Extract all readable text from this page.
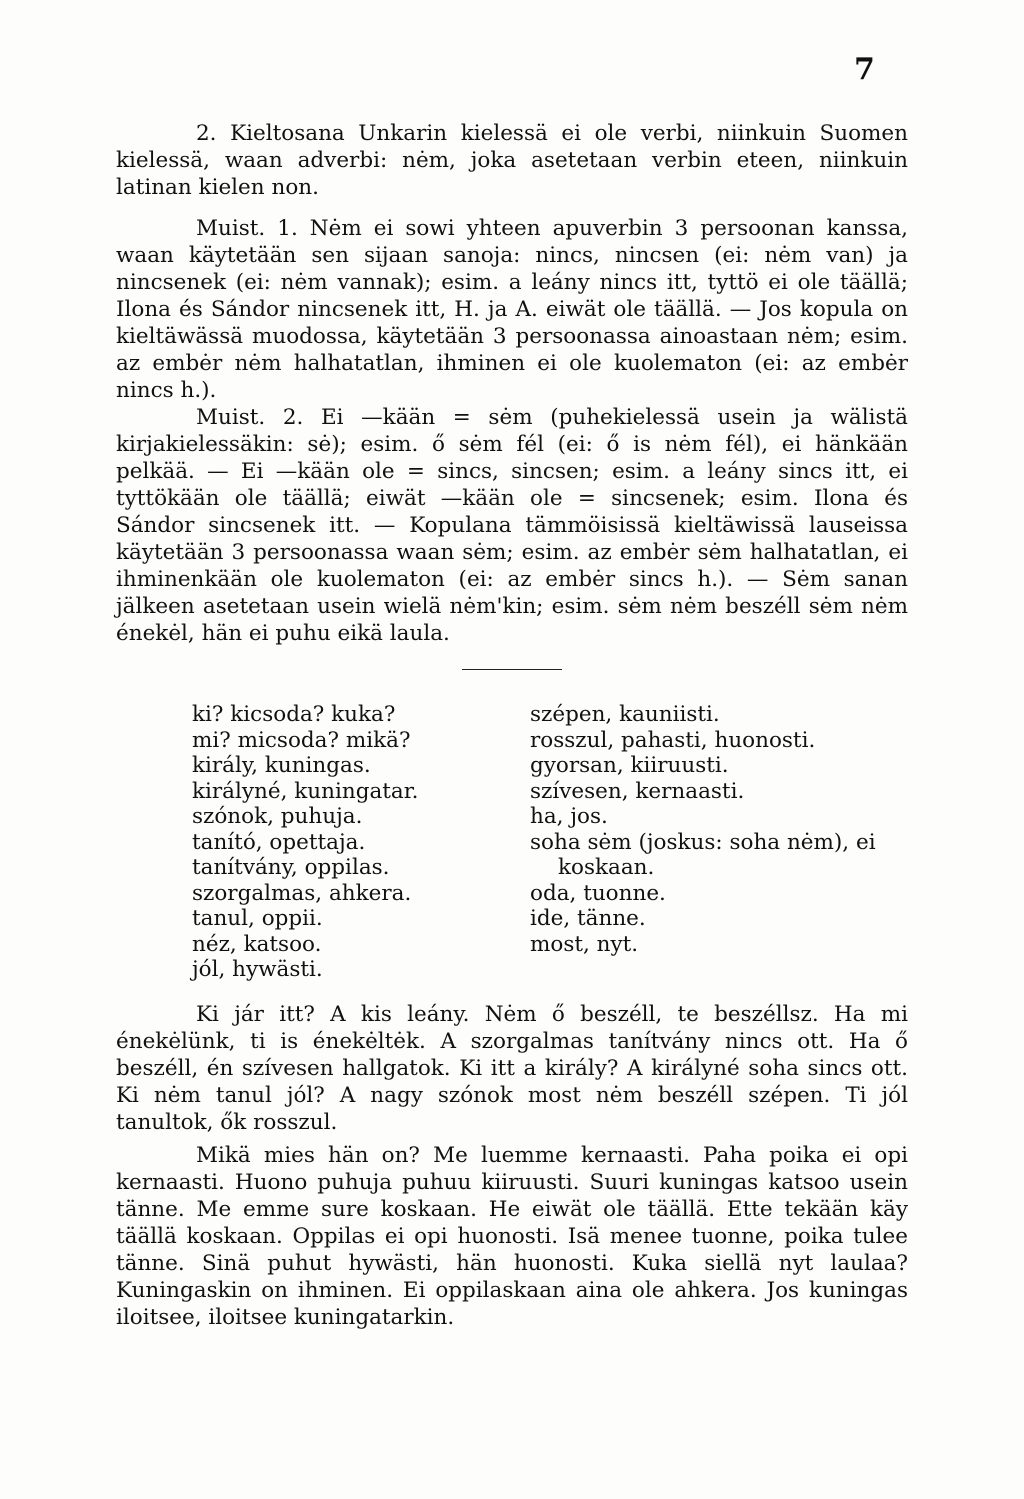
7

2. Kieltosana Unkarin kielessä ei ole verbi, niinkuin Suomen kielessä, waan adverbi: nėm, joka asetetaan verbin eteen, niinkuin latinan kielen non.

Muist. 1. Nėm ei sowi yhteen apuverbin 3 persoonan kanssa, waan käytetään sen sijaan sanoja: nincs, nincsen (ei: nėm van) ja nincsenek (ei: nėm vannak); esim. a leány nincs itt, tyttö ei ole täällä; Ilona és Sándor nincsenek itt, H. ja A. eiwät ole täällä. — Jos kopula on kieltäwässä muodossa, käytetään 3 persoonassa ainoastaan nėm; esim. az embėr nėm halhatatlan, ihminen ei ole kuolematon (ei: az embėr nincs h.).

Muist. 2. Ei —kään = sėm (puhekielessä usein ja wälistä kirjakielessäkin: sė); esim. ő sėm fél (ei: ő is nėm fél), ei hänkään pelkää. — Ei —kään ole = sincs, sincsen; esim. a leány sincs itt, ei tyttökään ole täällä; eiwät —kään ole = sincsenek; esim. Ilona és Sándor sincsenek itt. — Kopulana tämmöisissä kieltäwissä lauseissa käytetään 3 persoonassa waan sėm; esim. az embėr sėm halhatatlan, ei ihminenkään ole kuolematon (ei: az embėr sincs h.). — Sėm sanan jälkeen asetetaan usein wielä nėm'kin; esim. sėm nėm beszéll sėm nėm énekėl, hän ei puhu eikä laula.

ki? kicsoda? kuka?
mi? micsoda? mikä?
király, kuningas.
királyné, kuningatar.
szónok, puhuja.
tanító, opettaja.
tanítvány, oppilas.
szorgalmas, ahkera.
tanul, oppii.
néz, katsoo.
jól, hywästi.
szépen, kauniisti.
rosszul, pahasti, huonosti.
gyorsan, kiiruusti.
szívesen, kernaasti.
ha, jos.
soha sėm (joskus: soha nėm), ei koskaan.
oda, tuonne.
ide, tänne.
most, nyt.

Ki jár itt? A kis leány. Nėm ő beszéll, te beszéllsz. Ha mi énekėlünk, ti is énekėltėk. A szorgalmas tanítvány nincs ott. Ha ő beszéll, én szívesen hallgatok. Ki itt a király? A királyné soha sincs ott. Ki nėm tanul jól? A nagy szónok most nėm beszéll szépen. Ti jól tanultok, ők rosszul.

Mikä mies hän on? Me luemme kernaasti. Paha poika ei opi kernaasti. Huono puhuja puhuu kiiruusti. Suuri kuningas katsoo usein tänne. Me emme sure koskaan. He eiwät ole täällä. Ette tekään käy täällä koskaan. Oppilas ei opi huonosti. Isä menee tuonne, poika tulee tänne. Sinä puhut hywästi, hän huonosti. Kuka siellä nyt laulaa? Kuningaskin on ihminen. Ei oppilaskaan aina ole ahkera. Jos kuningas iloitsee, iloitsee kuningatarkin.
